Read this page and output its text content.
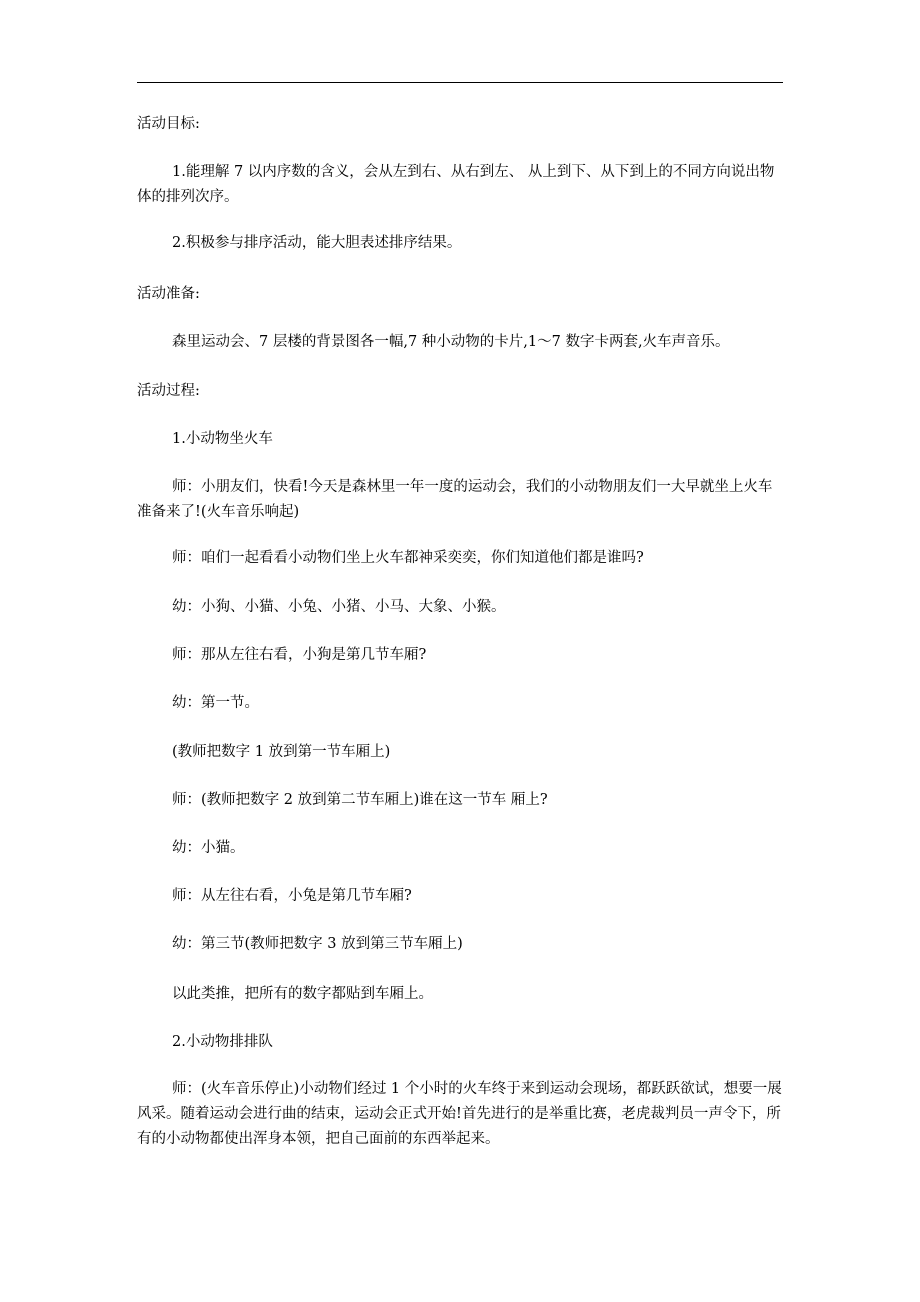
活动目标:

1.能理解 7 以内序数的含义，会从左到右、从右到左、 从上到下、从下到上的不同方向说出物体的排列次序。

2.积极参与排序活动，能大胆表述排序结果。

活动准备:

森里运动会、7 层楼的背景图各一幅,7 种小动物的卡片,1～7 数字卡两套,火车声音乐。

活动过程:

1.小动物坐火车

师：小朋友们，快看!今天是森林里一年一度的运动会，我们的小动物朋友们一大早就坐上火车准备来了!(火车音乐响起)

师：咱们一起看看小动物们坐上火车都神采奕奕，你们知道他们都是谁吗?

幼：小狗、小猫、小兔、小猪、小马、大象、小猴。

师：那从左往右看，小狗是第几节车厢?

幼：第一节。

(教师把数字 1 放到第一节车厢上)

师：(教师把数字 2 放到第二节车厢上)谁在这一节车 厢上?

幼：小猫。

师：从左往右看，小兔是第几节车厢?

幼：第三节(教师把数字 3 放到第三节车厢上)

以此类推，把所有的数字都贴到车厢上。

2.小动物排排队

师：(火车音乐停止)小动物们经过 1 个小时的火车终于来到运动会现场，都跃跃欲试，想要一展风采。随着运动会进行曲的结束，运动会正式开始!首先进行的是举重比赛，老虎裁判员一声令下，所有的小动物都使出浑身本领，把自己面前的东西举起来。
